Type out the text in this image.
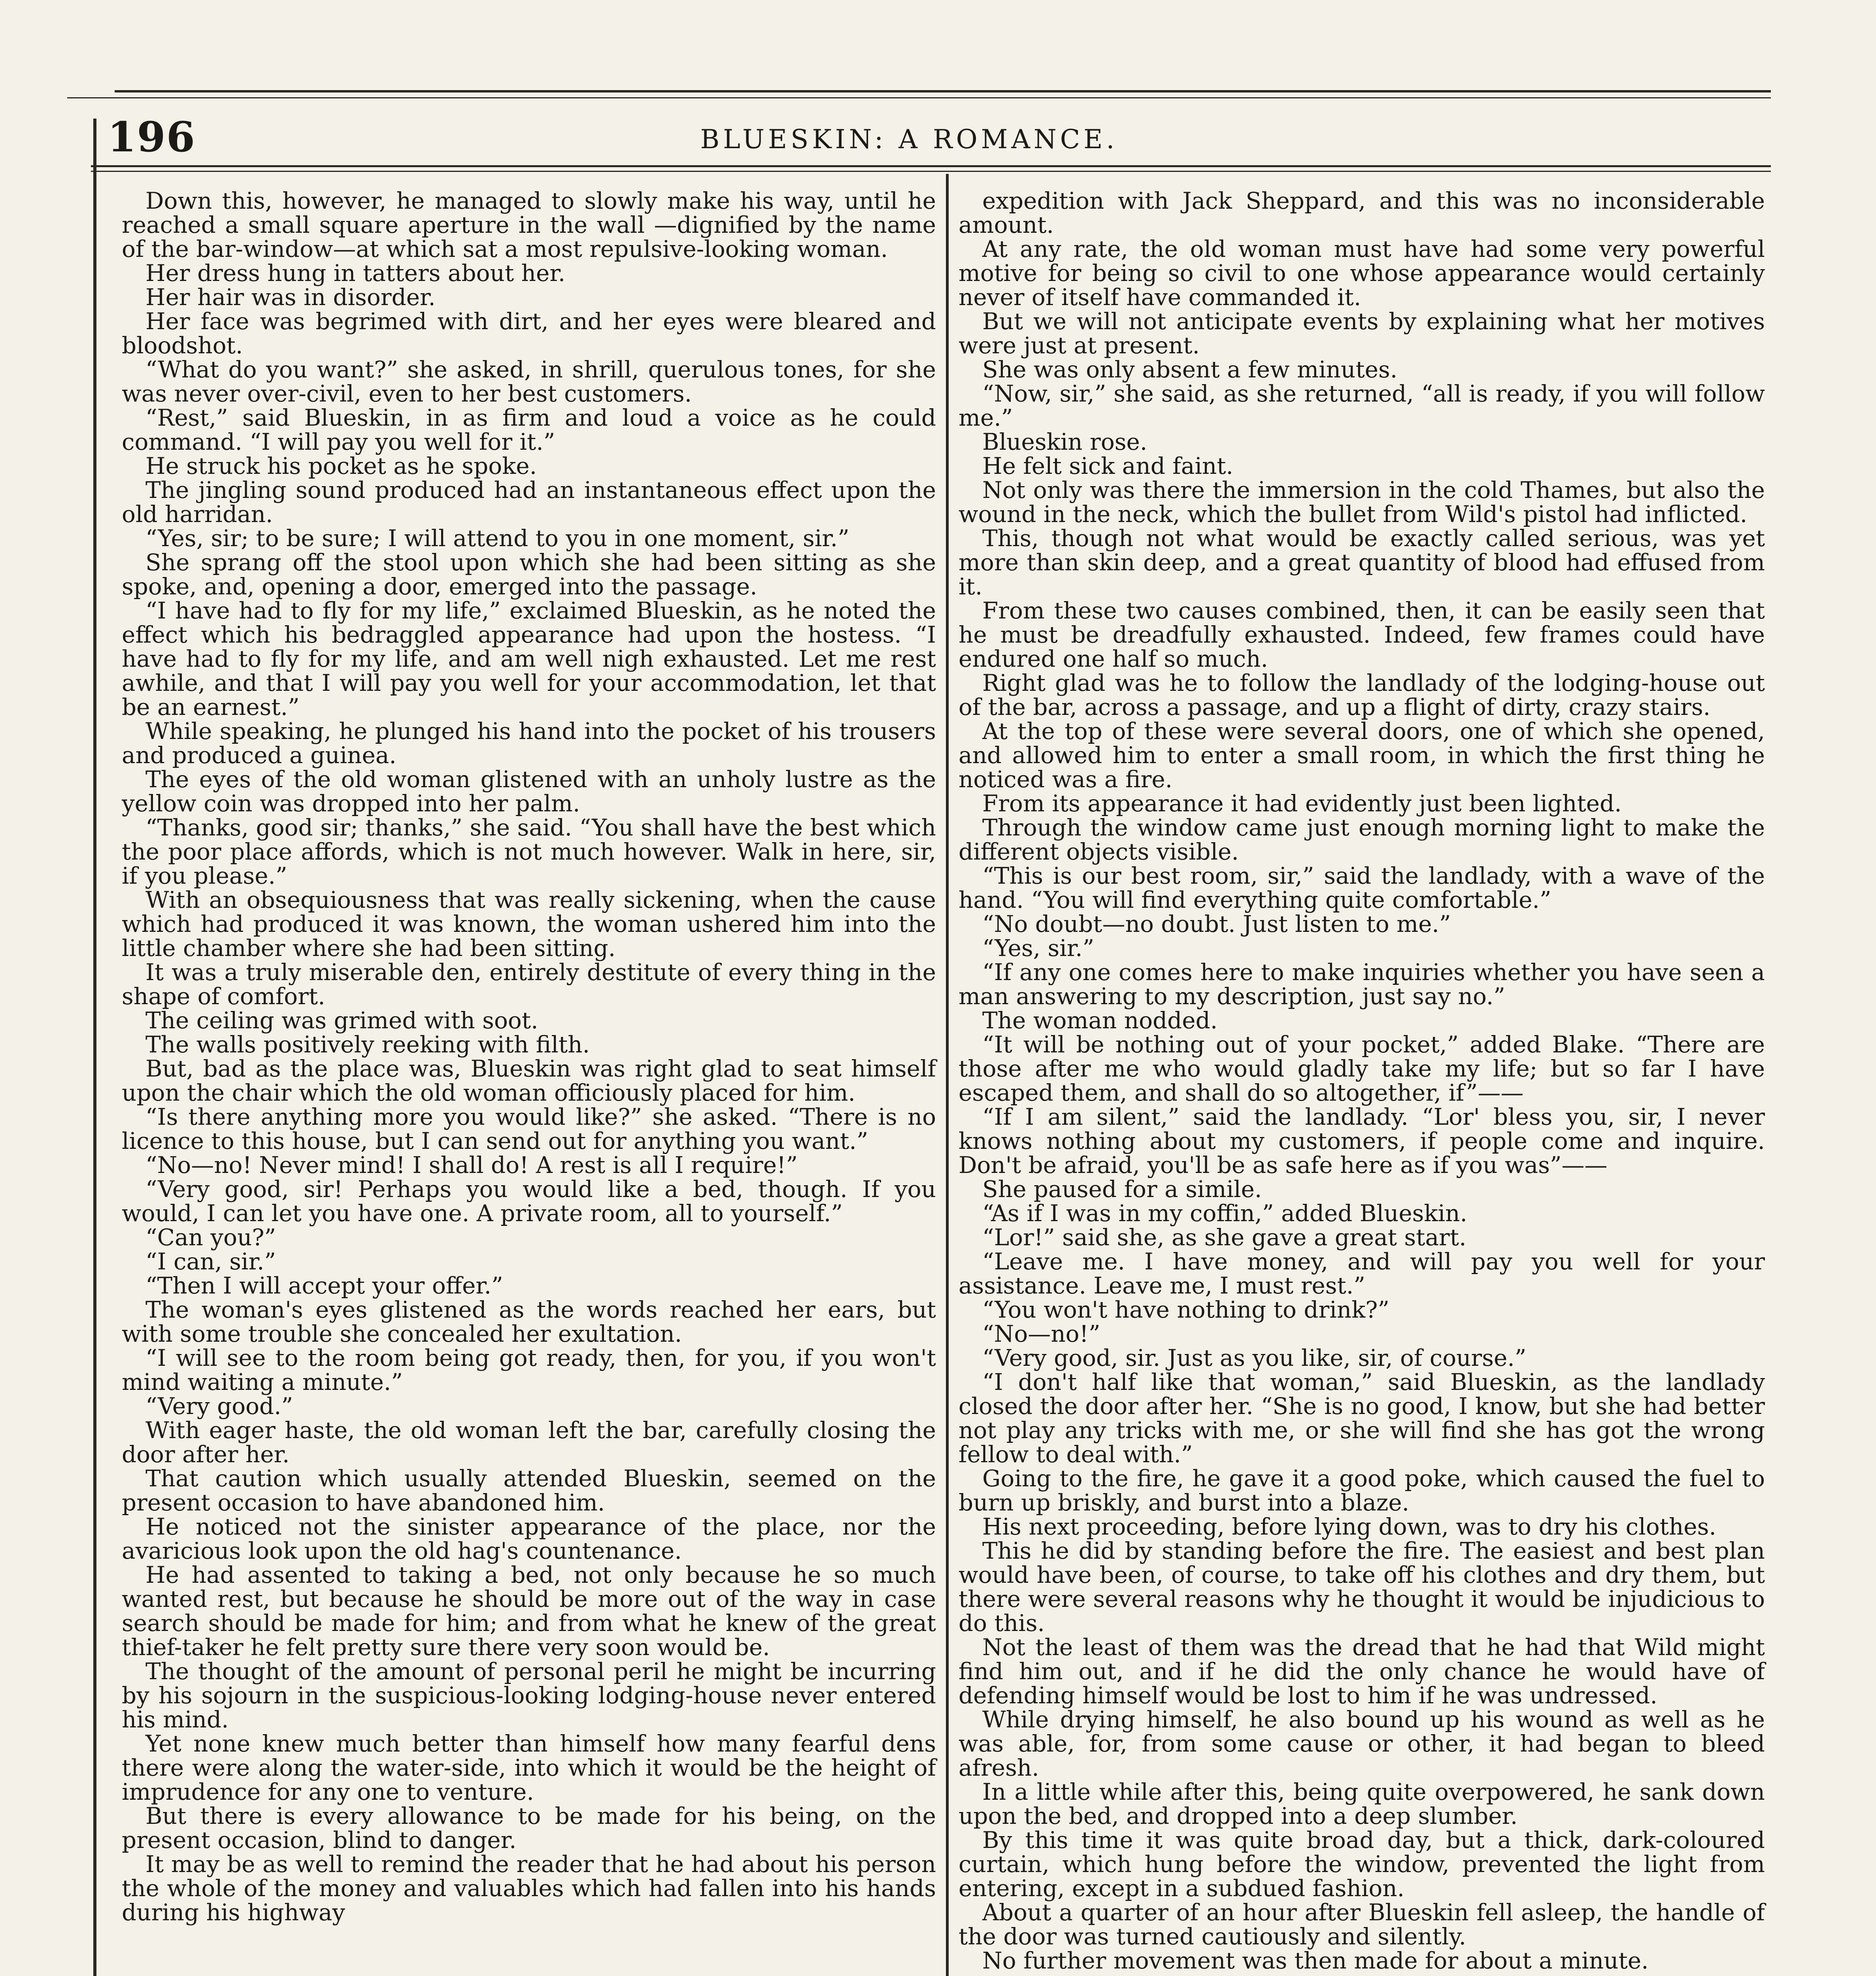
196	BLUESKIN: A ROMANCE.

Down this, however, he managed to slowly make his way, until he reached a small square aperture in the wall —dignified by the name of the bar-window—at which sat a most repulsive-looking woman.

Her dress hung in tatters about her.

Her hair was in disorder.

Her face was begrimed with dirt, and her eyes were bleared and bloodshot.

“What do you want?” she asked, in shrill, querulous tones, for she was never over-civil, even to her best customers.

“Rest,” said Blueskin, in as firm and loud a voice as he could command. “I will pay you well for it.”

He struck his pocket as he spoke.

The jingling sound produced had an instantaneous effect upon the old harridan.

“Yes, sir; to be sure; I will attend to you in one moment, sir.”

She sprang off the stool upon which she had been sitting as she spoke, and, opening a door, emerged into the passage.

“I have had to fly for my life,” exclaimed Blueskin, as he noted the effect which his bedraggled appearance had upon the hostess. “I have had to fly for my life, and am well nigh exhausted. Let me rest awhile, and that I will pay you well for your accommodation, let that be an earnest.”

While speaking, he plunged his hand into the pocket of his trousers and produced a guinea.

The eyes of the old woman glistened with an unholy lustre as the yellow coin was dropped into her palm.

“Thanks, good sir; thanks,” she said. “You shall have the best which the poor place affords, which is not much however. Walk in here, sir, if you please.”

With an obsequiousness that was really sickening, when the cause which had produced it was known, the woman ushered him into the little chamber where she had been sitting.

It was a truly miserable den, entirely destitute of every thing in the shape of comfort.

The ceiling was grimed with soot.

The walls positively reeking with filth.

But, bad as the place was, Blueskin was right glad to seat himself upon the chair which the old woman officiously placed for him.

“Is there anything more you would like?” she asked. “There is no licence to this house, but I can send out for anything you want.”

“No—no! Never mind! I shall do! A rest is all I require!”

“Very good, sir! Perhaps you would like a bed, though. If you would, I can let you have one. A private room, all to yourself.”

“Can you?”

“I can, sir.”

“Then I will accept your offer.”

The woman's eyes glistened as the words reached her ears, but with some trouble she concealed her exultation.

“I will see to the room being got ready, then, for you, if you won't mind waiting a minute.”

“Very good.”

With eager haste, the old woman left the bar, carefully closing the door after her.

That caution which usually attended Blueskin, seemed on the present occasion to have abandoned him.

He noticed not the sinister appearance of the place, nor the avaricious look upon the old hag's countenance.

He had assented to taking a bed, not only because he so much wanted rest, but because he should be more out of the way in case search should be made for him; and from what he knew of the great thief-taker he felt pretty sure there very soon would be.

The thought of the amount of personal peril he might be incurring by his sojourn in the suspicious-looking lodging-house never entered his mind.

Yet none knew much better than himself how many fearful dens there were along the water-side, into which it would be the height of imprudence for any one to venture.

But there is every allowance to be made for his being, on the present occasion, blind to danger.

It may be as well to remind the reader that he had about his person the whole of the money and valuables which had fallen into his hands during his highway

expedition with Jack Sheppard, and this was no inconsiderable amount.

At any rate, the old woman must have had some very powerful motive for being so civil to one whose appearance would certainly never of itself have commanded it.

But we will not anticipate events by explaining what her motives were just at present.

She was only absent a few minutes.

“Now, sir,” she said, as she returned, “all is ready, if you will follow me.”

Blueskin rose.

He felt sick and faint.

Not only was there the immersion in the cold Thames, but also the wound in the neck, which the bullet from Wild's pistol had inflicted.

This, though not what would be exactly called serious, was yet more than skin deep, and a great quantity of blood had effused from it.

From these two causes combined, then, it can be easily seen that he must be dreadfully exhausted. Indeed, few frames could have endured one half so much.

Right glad was he to follow the landlady of the lodging-house out of the bar, across a passage, and up a flight of dirty, crazy stairs.

At the top of these were several doors, one of which she opened, and allowed him to enter a small room, in which the first thing he noticed was a fire.

From its appearance it had evidently just been lighted.

Through the window came just enough morning light to make the different objects visible.

“This is our best room, sir,” said the landlady, with a wave of the hand. “You will find everything quite comfortable.”

“No doubt—no doubt. Just listen to me.”

“Yes, sir.”

“If any one comes here to make inquiries whether you have seen a man answering to my description, just say no.”

The woman nodded.

“It will be nothing out of your pocket,” added Blake. “There are those after me who would gladly take my life; but so far I have escaped them, and shall do so altogether, if”——

“If I am silent,” said the landlady. “Lor' bless you, sir, I never knows nothing about my customers, if people come and inquire. Don't be afraid, you'll be as safe here as if you was”——

She paused for a simile.

“As if I was in my coffin,” added Blueskin.

“Lor!” said she, as she gave a great start.

“Leave me. I have money, and will pay you well for your assistance. Leave me, I must rest.”

“You won't have nothing to drink?”

“No—no!”

“Very good, sir. Just as you like, sir, of course.”

“I don't half like that woman,” said Blueskin, as the landlady closed the door after her. “She is no good, I know, but she had better not play any tricks with me, or she will find she has got the wrong fellow to deal with.”

Going to the fire, he gave it a good poke, which caused the fuel to burn up briskly, and burst into a blaze.

His next proceeding, before lying down, was to dry his clothes.

This he did by standing before the fire. The easiest and best plan would have been, of course, to take off his clothes and dry them, but there were several reasons why he thought it would be injudicious to do this.

Not the least of them was the dread that he had that Wild might find him out, and if he did the only chance he would have of defending himself would be lost to him if he was undressed.

While drying himself, he also bound up his wound as well as he was able, for, from some cause or other, it had began to bleed afresh.

In a little while after this, being quite overpowered, he sank down upon the bed, and dropped into a deep slumber.

By this time it was quite broad day, but a thick, dark-coloured curtain, which hung before the window, prevented the light from entering, except in a subdued fashion.

About a quarter of an hour after Blueskin fell asleep, the handle of the door was turned cautiously and silently.

No further movement was then made for about a minute.
